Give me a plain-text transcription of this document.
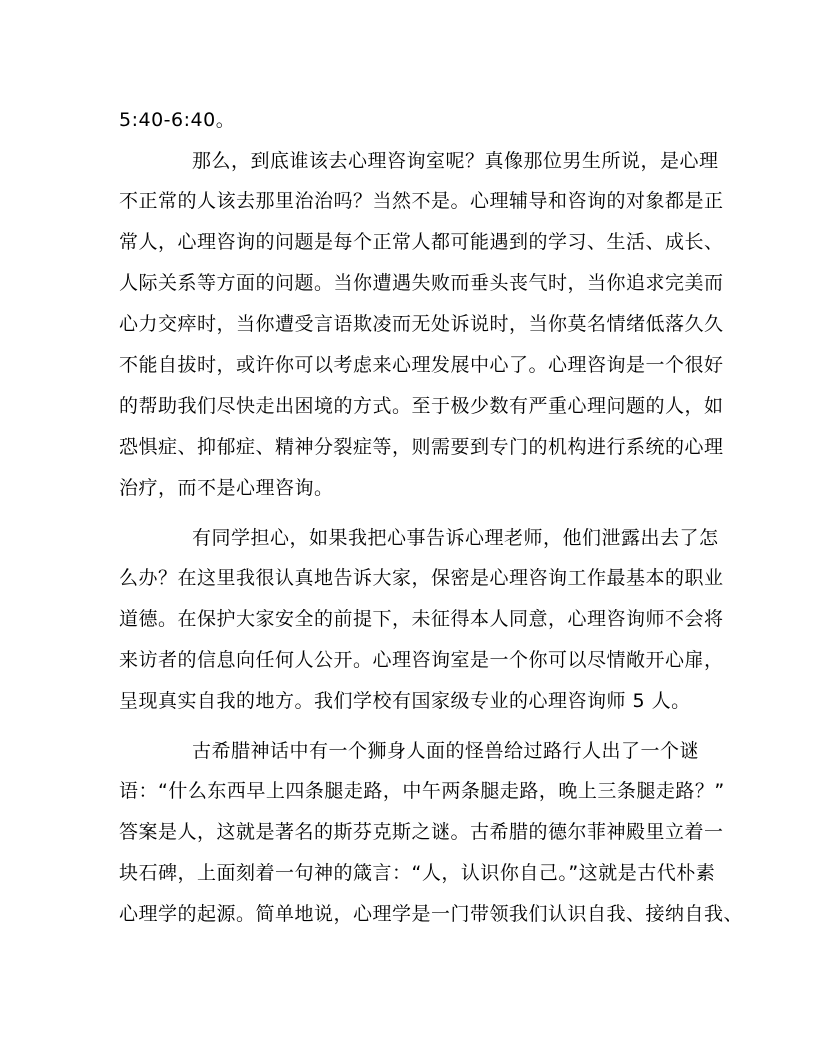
5:40-6:40。
那么，到底谁该去心理咨询室呢？真像那位男生所说，是心理
不正常的人该去那里治治吗？当然不是。心理辅导和咨询的对象都是正
常人，心理咨询的问题是每个正常人都可能遇到的学习、生活、成长、
人际关系等方面的问题。当你遭遇失败而垂头丧气时，当你追求完美而
心力交瘁时，当你遭受言语欺凌而无处诉说时，当你莫名情绪低落久久
不能自拔时，或许你可以考虑来心理发展中心了。心理咨询是一个很好
的帮助我们尽快走出困境的方式。至于极少数有严重心理问题的人，如
恐惧症、抑郁症、精神分裂症等，则需要到专门的机构进行系统的心理
治疗，而不是心理咨询。
有同学担心，如果我把心事告诉心理老师，他们泄露出去了怎
么办？在这里我很认真地告诉大家，保密是心理咨询工作最基本的职业
道德。在保护大家安全的前提下，未征得本人同意，心理咨询师不会将
来访者的信息向任何人公开。心理咨询室是一个你可以尽情敞开心扉，
呈现真实自我的地方。我们学校有国家级专业的心理咨询师 5 人。
古希腊神话中有一个狮身人面的怪兽给过路行人出了一个谜
语：“什么东西早上四条腿走路，中午两条腿走路，晚上三条腿走路？”
答案是人，这就是著名的斯芬克斯之谜。古希腊的德尔菲神殿里立着一
块石碑，上面刻着一句神的箴言：“人，认识你自己。”这就是古代朴素
心理学的起源。简单地说，心理学是一门带领我们认识自我、接纳自我、
